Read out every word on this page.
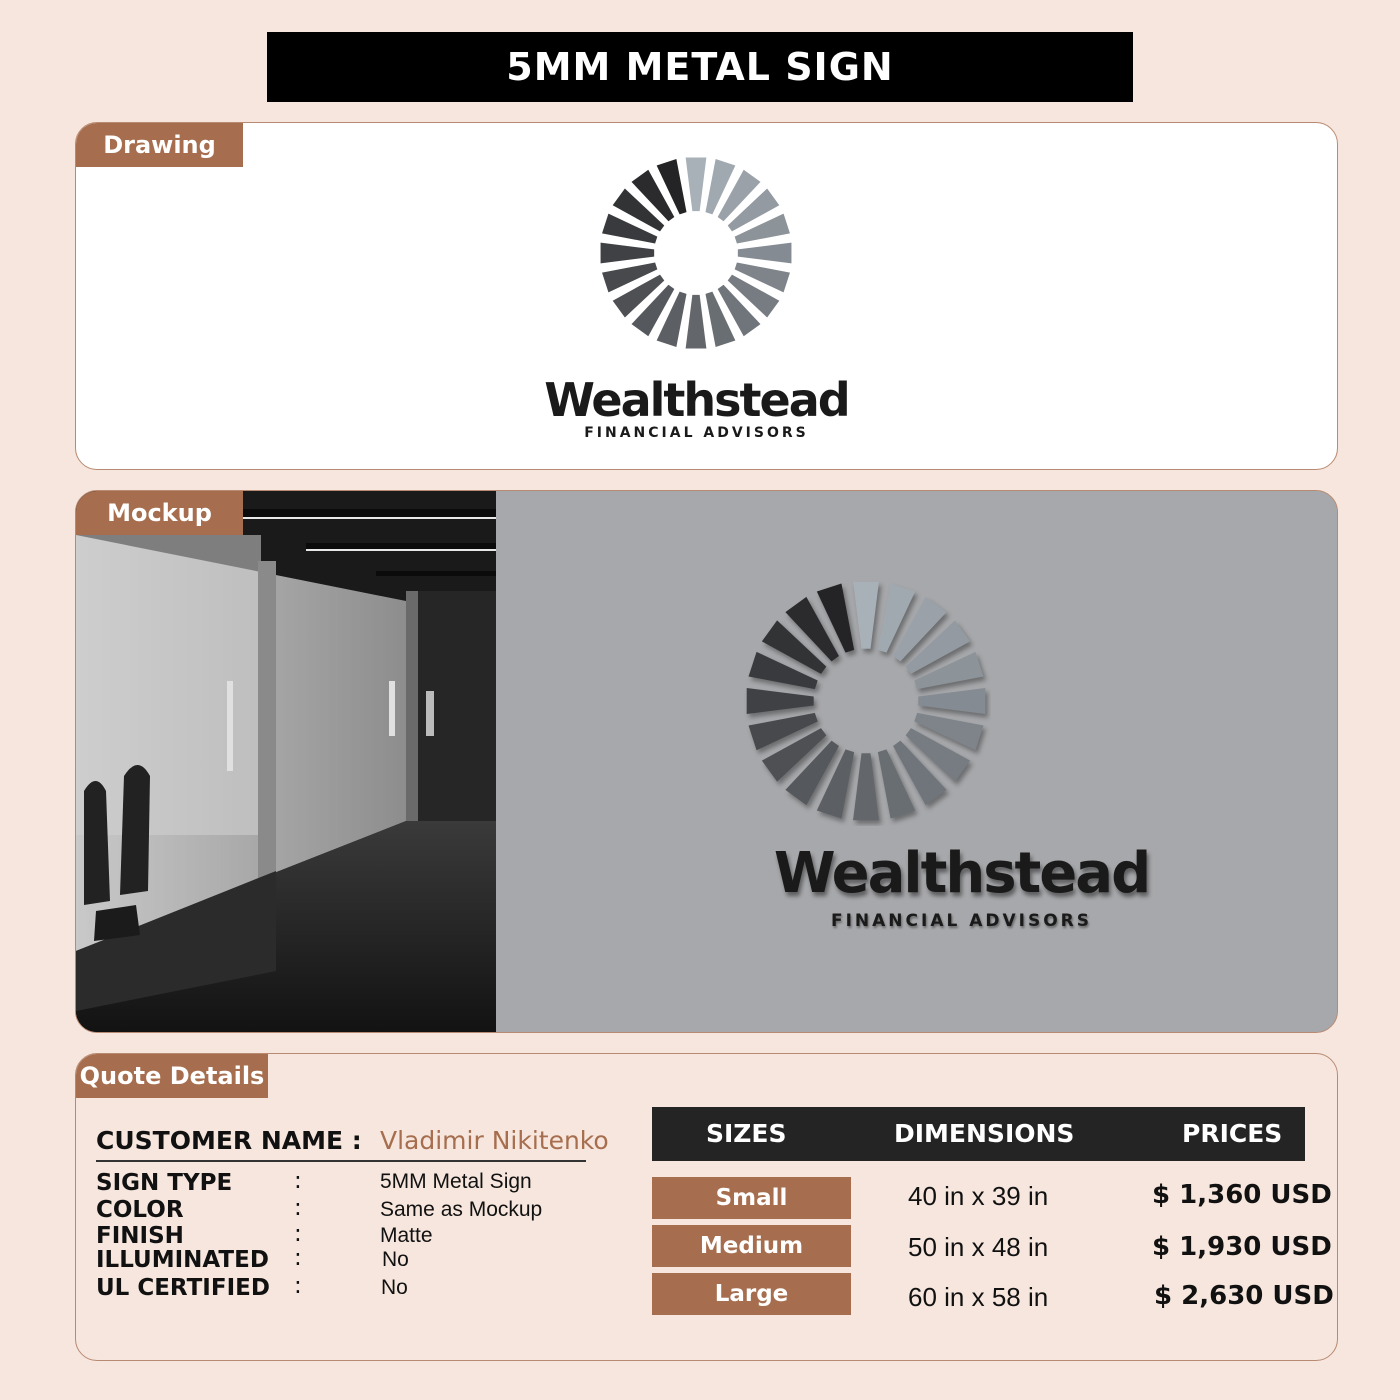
5MM METAL SIGN
Drawing
Wealthstead
FINANCIAL ADVISORS
Mockup
Wealthstead
FINANCIAL ADVISORS
Quote Details
CUSTOMER NAME : Vladimir Nikitenko
SIGN TYPE	:	5MM Metal Sign
COLOR	:	Same as Mockup
FINISH	:	Matte
ILLUMINATED :	No
UL CERTIFIED :	No
SIZES	DIMENSIONS	PRICES
Small	40 in x 39 in	$ 1,360 USD
Medium	50 in x 48 in	$ 1,930 USD
Large	60 in x 58 in	$ 2,630 USD
